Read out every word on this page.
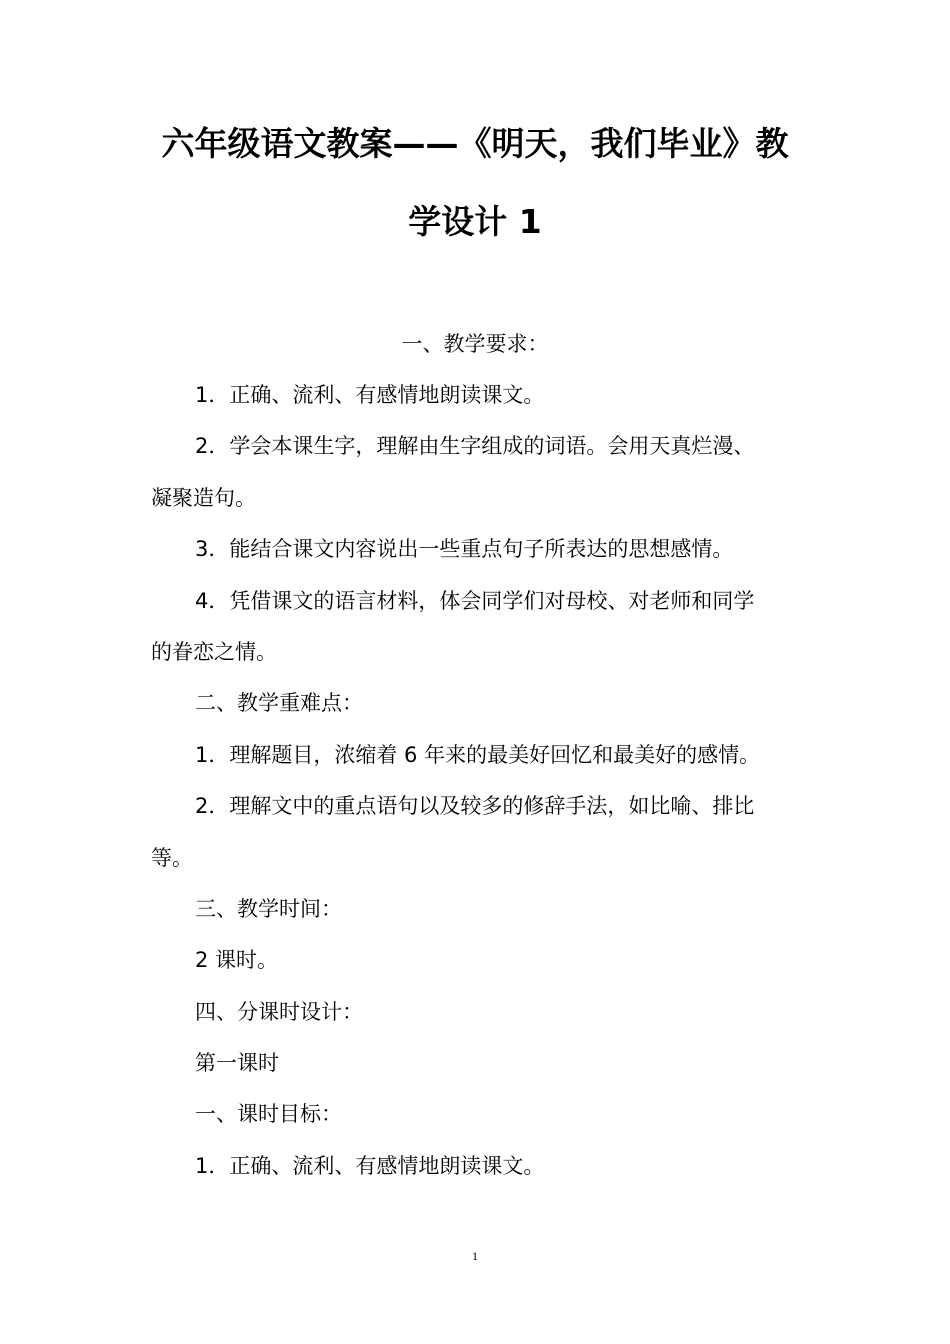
六年级语文教案——《明天，我们毕业》教
学设计 1
一、教学要求：
1．正确、流利、有感情地朗读课文。
2．学会本课生字，理解由生字组成的词语。会用天真烂漫、
凝聚造句。
3．能结合课文内容说出一些重点句子所表达的思想感情。
4．凭借课文的语言材料，体会同学们对母校、对老师和同学
的眷恋之情。
二、教学重难点：
1．理解题目，浓缩着 6 年来的最美好回忆和最美好的感情。
2．理解文中的重点语句以及较多的修辞手法，如比喻、排比
等。
三、教学时间：
2 课时。
四、分课时设计：
第一课时
一、课时目标：
1．正确、流利、有感情地朗读课文。
1
